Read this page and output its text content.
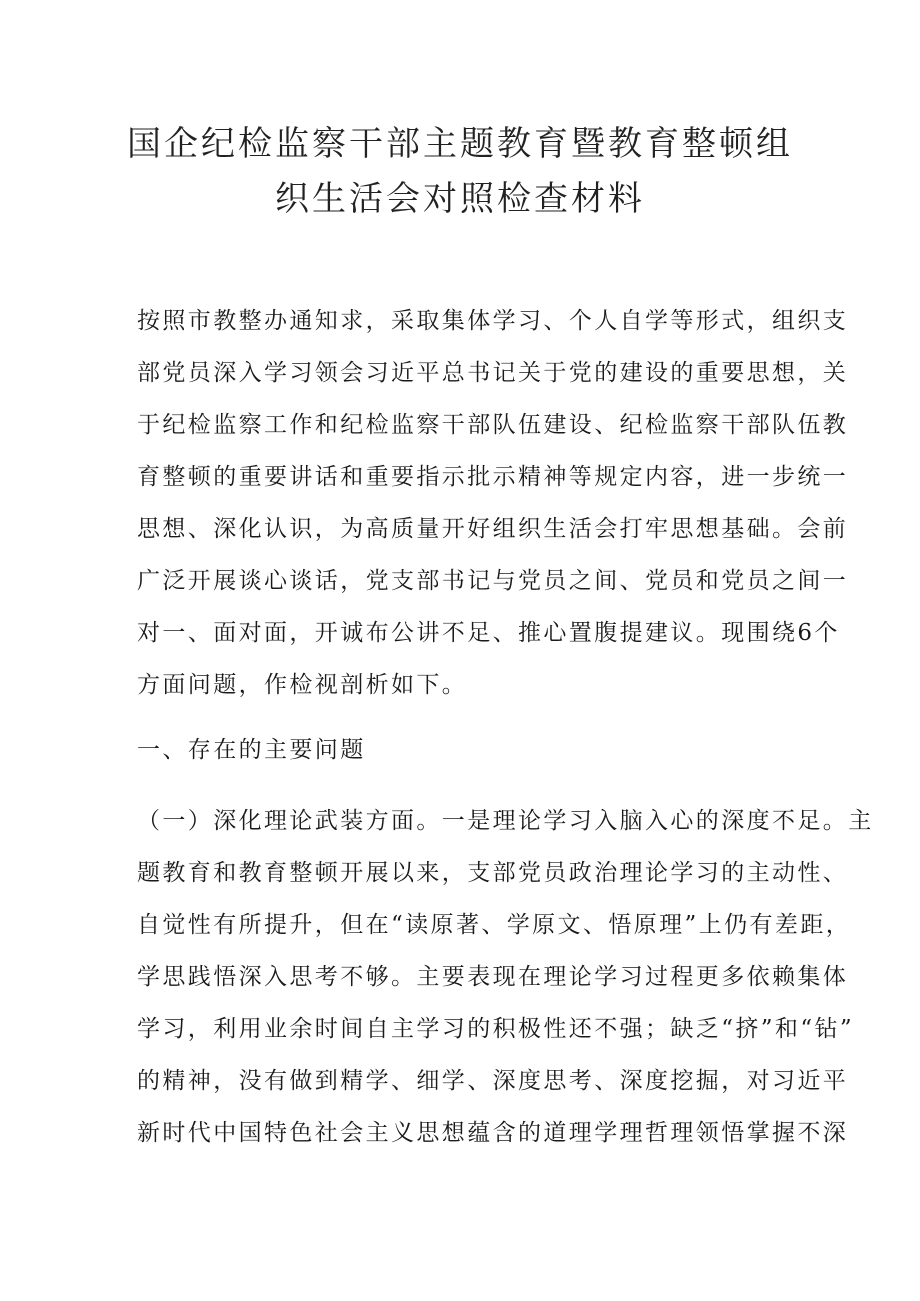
国企纪检监察干部主题教育暨教育整顿组
织生活会对照检查材料
按照市教整办通知求，采取集体学习、个人自学等形式，组织支
部党员深入学习领会习近平总书记关于党的建设的重要思想，关
于纪检监察工作和纪检监察干部队伍建设、纪检监察干部队伍教
育整顿的重要讲话和重要指示批示精神等规定内容，进一步统一
思想、深化认识，为高质量开好组织生活会打牢思想基础。会前
广泛开展谈心谈话，党支部书记与党员之间、党员和党员之间一
对一、面对面，开诚布公讲不足、推心置腹提建议。现围绕6个
方面问题，作检视剖析如下。
一、存在的主要问题
（一）深化理论武装方面。一是理论学习入脑入心的深度不足。主
题教育和教育整顿开展以来，支部党员政治理论学习的主动性、
自觉性有所提升，但在“读原著、学原文、悟原理”上仍有差距，
学思践悟深入思考不够。主要表现在理论学习过程更多依赖集体
学习，利用业余时间自主学习的积极性还不强；缺乏“挤”和“钻”
的精神，没有做到精学、细学、深度思考、深度挖掘，对习近平
新时代中国特色社会主义思想蕴含的道理学理哲理领悟掌握不深
